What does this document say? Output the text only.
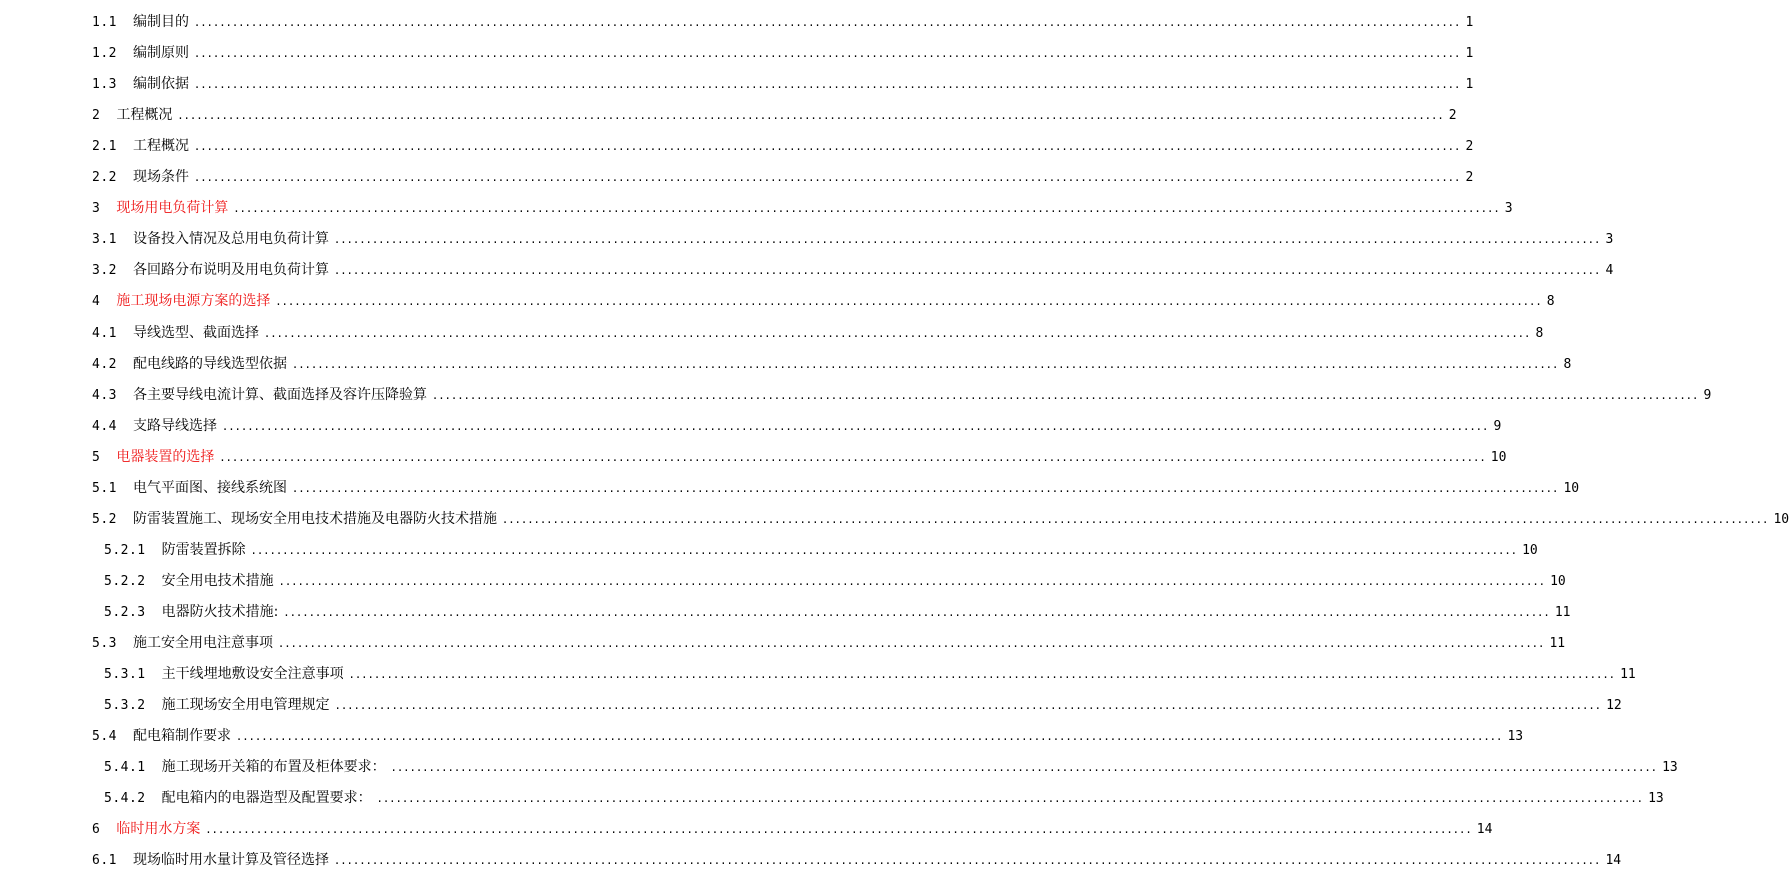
1.1 编制目的 ........................................................................................................................................................................................................ 1
1.2 编制原则 ........................................................................................................................................................................................................ 1
1.3 编制依据 ........................................................................................................................................................................................................ 1
2 工程概况 ........................................................................................................................................................................................................ 2
2.1 工程概况 ........................................................................................................................................................................................................ 2
2.2 现场条件 ........................................................................................................................................................................................................ 2
3 现场用电负荷计算 ........................................................................................................................................................................................................ 3
3.1 设备投入情况及总用电负荷计算 ........................................................................................................................................................................................................ 3
3.2 各回路分布说明及用电负荷计算 ........................................................................................................................................................................................................ 4
4 施工现场电源方案的选择 ........................................................................................................................................................................................................ 8
4.1 导线选型、截面选择 ........................................................................................................................................................................................................ 8
4.2 配电线路的导线选型依据 ........................................................................................................................................................................................................ 8
4.3 各主要导线电流计算、截面选择及容许压降验算 ........................................................................................................................................................................................................ 9
4.4 支路导线选择 ........................................................................................................................................................................................................ 9
5 电器装置的选择 ........................................................................................................................................................................................................ 10
5.1 电气平面图、接线系统图 ........................................................................................................................................................................................................ 10
5.2 防雷装置施工、现场安全用电技术措施及电器防火技术措施 ........................................................................................................................................................................................................ 10
5.2.1 防雷装置拆除 ........................................................................................................................................................................................................ 10
5.2.2 安全用电技术措施 ........................................................................................................................................................................................................ 10
5.2.3 电器防火技术措施: ........................................................................................................................................................................................................ 11
5.3 施工安全用电注意事项 ........................................................................................................................................................................................................ 11
5.3.1 主干线埋地敷设安全注意事项 ........................................................................................................................................................................................................ 11
5.3.2 施工现场安全用电管理规定 ........................................................................................................................................................................................................ 12
5.4 配电箱制作要求 ........................................................................................................................................................................................................ 13
5.4.1 施工现场开关箱的布置及柜体要求： ........................................................................................................................................................................................................ 13
5.4.2 配电箱内的电器造型及配置要求： ........................................................................................................................................................................................................ 13
6 临时用水方案 ........................................................................................................................................................................................................ 14
6.1 现场临时用水量计算及管径选择 ........................................................................................................................................................................................................ 14
